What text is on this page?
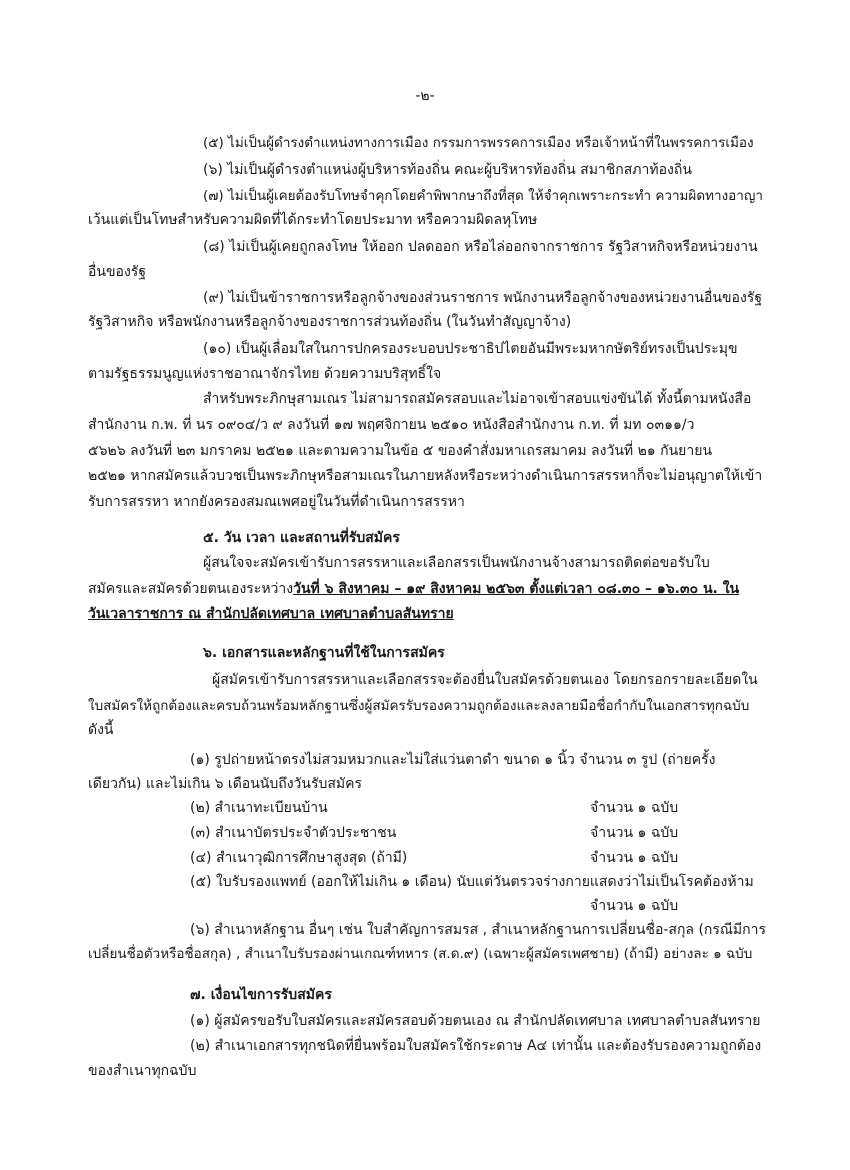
-๒-
(๕) ไม่เป็นผู้ดำรงตำแหน่งทางการเมือง กรรมการพรรคการเมือง หรือเจ้าหน้าที่ในพรรคการเมือง
(๖) ไม่เป็นผู้ดำรงตำแหน่งผู้บริหารท้องถิ่น คณะผู้บริหารท้องถิ่น สมาชิกสภาท้องถิ่น
(๗) ไม่เป็นผู้เคยต้องรับโทษจำคุกโดยคำพิพากษาถึงที่สุด ให้จำคุกเพราะกระทำ ความผิดทางอาญา
เว้นแต่เป็นโทษสำหรับความผิดที่ได้กระทำโดยประมาท หรือความผิดลหุโทษ
(๘) ไม่เป็นผู้เคยถูกลงโทษ ให้ออก ปลดออก หรือไล่ออกจากราชการ รัฐวิสาหกิจหรือหน่วยงาน
อื่นของรัฐ
(๙) ไม่เป็นข้าราชการหรือลูกจ้างของส่วนราชการ พนักงานหรือลูกจ้างของหน่วยงานอื่นของรัฐ
รัฐวิสาหกิจ หรือพนักงานหรือลูกจ้างของราชการส่วนท้องถิ่น (ในวันทำสัญญาจ้าง)
(๑๐) เป็นผู้เลื่อมใสในการปกครองระบอบประชาธิปไตยอันมีพระมหากษัตริย์ทรงเป็นประมุข
ตามรัฐธรรมนูญแห่งราชอาณาจักรไทย ด้วยความบริสุทธิ์ใจ
สำหรับพระภิกษุสามเณร ไม่สามารถสมัครสอบและไม่อาจเข้าสอบแข่งขันได้ ทั้งนี้ตามหนังสือ
สำนักงาน ก.พ. ที่ นร ๐๙๐๔/ว ๙ ลงวันที่ ๑๗ พฤศจิกายน ๒๕๑๐ หนังสือสำนักงาน ก.ท. ที่ มท ๐๓๑๑/ว
๕๖๒๖ ลงวันที่ ๒๓ มกราคม ๒๕๒๑ และตามความในข้อ ๕ ของคำสั่งมหาเถรสมาคม ลงวันที่ ๒๑ กันยายน
๒๕๒๑ หากสมัครแล้วบวชเป็นพระภิกษุหรือสามเณรในภายหลังหรือระหว่างดำเนินการสรรหาก็จะไม่อนุญาตให้เข้า
รับการสรรหา หากยังครองสมณเพศอยู่ในวันที่ดำเนินการสรรหา
๕. วัน เวลา และสถานที่รับสมัคร
ผู้สนใจจะสมัครเข้ารับการสรรหาและเลือกสรรเป็นพนักงานจ้างสามารถติดต่อขอรับใบ
สมัครและสมัครด้วยตนเองระหว่างวันที่ ๖ สิงหาคม – ๑๙ สิงหาคม ๒๕๖๓ ตั้งแต่เวลา ๐๘.๓๐ – ๑๖.๓๐ น. ใน
วันเวลาราชการ ณ สำนักปลัดเทศบาล เทศบาลตำบลสันทราย
๖. เอกสารและหลักฐานที่ใช้ในการสมัคร
ผู้สมัครเข้ารับการสรรหาและเลือกสรรจะต้องยื่นใบสมัครด้วยตนเอง โดยกรอกรายละเอียดใน
ใบสมัครให้ถูกต้องและครบถ้วนพร้อมหลักฐานซึ่งผู้สมัครรับรองความถูกต้องและลงลายมือชื่อกำกับในเอกสารทุกฉบับ
ดังนี้
(๑) รูปถ่ายหน้าตรงไม่สวมหมวกและไม่ใส่แว่นตาดำ ขนาด ๑ นิ้ว จำนวน ๓ รูป (ถ่ายครั้ง
เดียวกัน) และไม่เกิน ๖ เดือนนับถึงวันรับสมัคร
(๒) สำเนาทะเบียนบ้าน	จำนวน ๑ ฉบับ
(๓) สำเนาบัตรประจำตัวประชาชน	จำนวน ๑ ฉบับ
(๔) สำเนาวุฒิการศึกษาสูงสุด (ถ้ามี)	จำนวน ๑ ฉบับ
(๕) ใบรับรองแพทย์ (ออกให้ไม่เกิน ๑ เดือน) นับแต่วันตรวจร่างกายแสดงว่าไม่เป็นโรคต้องห้าม
จำนวน ๑ ฉบับ
(๖) สำเนาหลักฐาน อื่นๆ เช่น ใบสำคัญการสมรส , สำเนาหลักฐานการเปลี่ยนชื่อ-สกุล (กรณีมีการ
เปลี่ยนชื่อตัวหรือชื่อสกุล) , สำเนาใบรับรองผ่านเกณฑ์ทหาร (ส.ด.๙) (เฉพาะผู้สมัครเพศชาย) (ถ้ามี) อย่างละ ๑ ฉบับ
๗. เงื่อนไขการรับสมัคร
(๑) ผู้สมัครขอรับใบสมัครและสมัครสอบด้วยตนเอง ณ สำนักปลัดเทศบาล เทศบาลตำบลสันทราย
(๒) สำเนาเอกสารทุกชนิดที่ยื่นพร้อมใบสมัครใช้กระดาษ A๔ เท่านั้น และต้องรับรองความถูกต้อง
ของสำเนาทุกฉบับ
